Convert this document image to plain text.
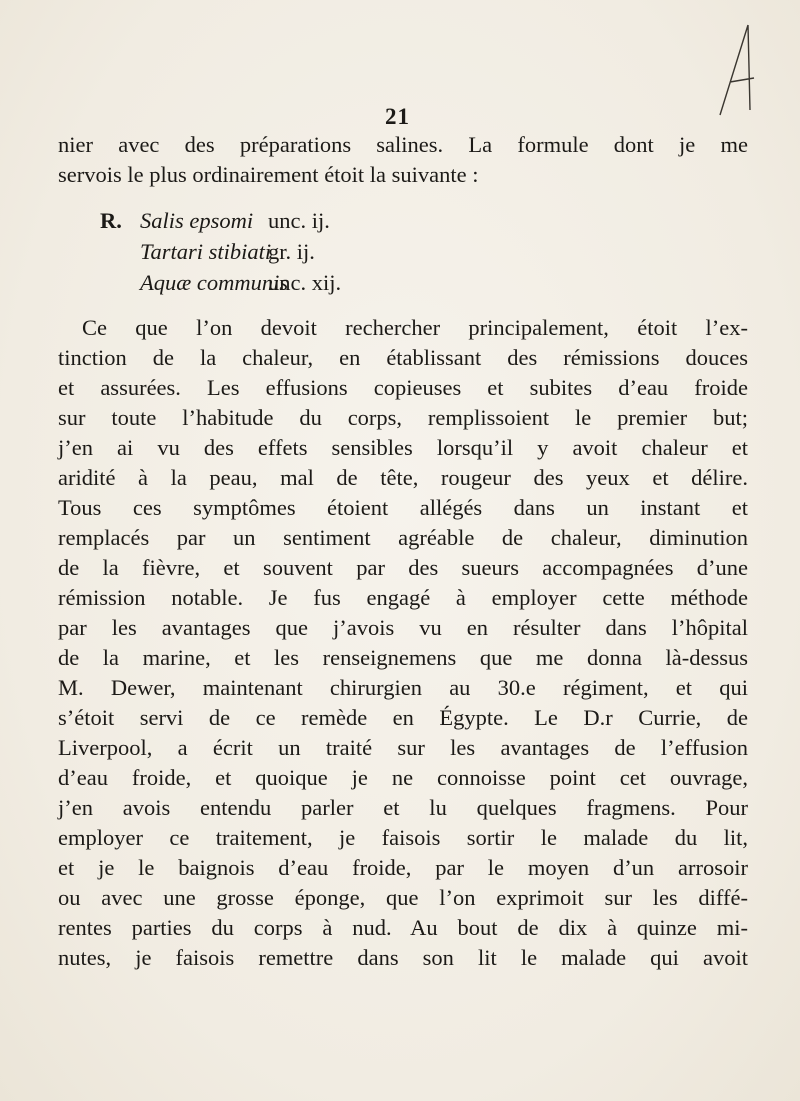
21
nier avec des préparations salines. La formule dont je me
servois le plus ordinairement étoit la suivante :
R. Salis epsomi unc. ij.
Tartari stibiati
gr. ij.
Aquæ communis
unc. xij.
Ce que l’on devoit rechercher principalement, étoit l’ex-
tinction de la chaleur, en établissant des rémissions douces
et assurées. Les effusions copieuses et subites d’eau froide
sur toute l’habitude du corps, remplissoient le premier but;
j’en ai vu des effets sensibles lorsqu’il y avoit chaleur et
aridité à la peau, mal de tête, rougeur des yeux et délire.
Tous ces symptômes étoient allégés dans un instant et
remplacés par un sentiment agréable de chaleur, diminution
de la fièvre, et souvent par des sueurs accompagnées d’une
rémission notable. Je fus engagé à employer cette méthode
par les avantages que j’avois vu en résulter dans l’hôpital
de la marine, et les renseignemens que me donna là-dessus
M. Dewer, maintenant chirurgien au 30.e régiment, et qui
s’étoit servi de ce remède en Égypte. Le D.r Currie, de
Liverpool, a écrit un traité sur les avantages de l’effusion
d’eau froide, et quoique je ne connoisse point cet ouvrage,
j’en avois entendu parler et lu quelques fragmens. Pour
employer ce traitement, je faisois sortir le malade du lit,
et je le baignois d’eau froide, par le moyen d’un arrosoir
ou avec une grosse éponge, que l’on exprimoit sur les diffé-
rentes parties du corps à nud. Au bout de dix à quinze mi-
nutes, je faisois remettre dans son lit le malade qui avoit
